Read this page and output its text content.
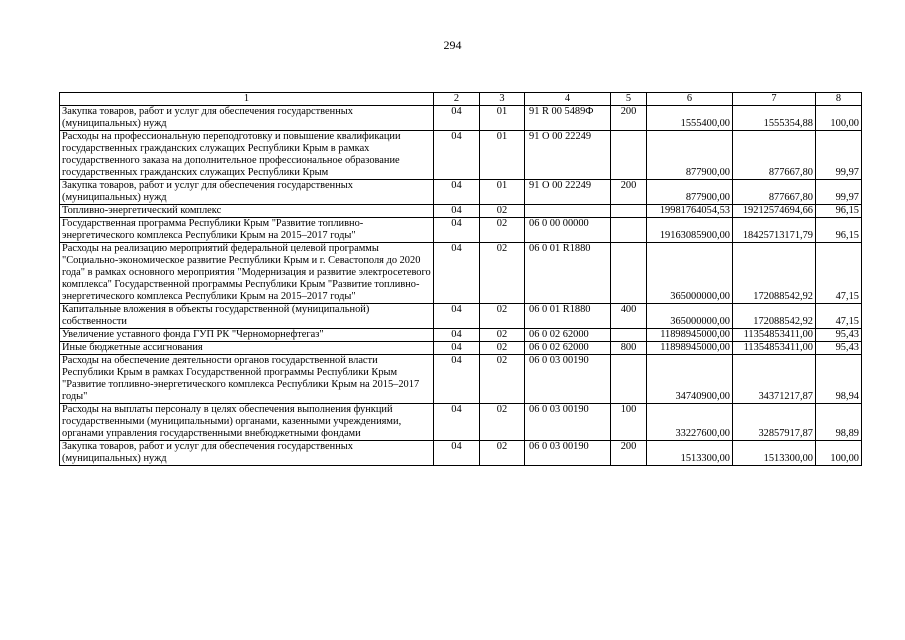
294
1	2	3	4	5	6	7	8
Закупка товаров, работ и услуг для обеспечения государственных (муниципальных) нужд	04	01	91 R 00 5489Ф	200	1555400,00	1555354,88	100,00
Расходы на профессиональную переподготовку и повышение квалификации государственных гражданских служащих Республики Крым в рамках государственного заказа на дополнительное профессиональное образование государственных гражданских служащих Республики Крым	04	01	91 О 00 22249		877900,00	877667,80	99,97
Закупка товаров, работ и услуг для обеспечения государственных (муниципальных) нужд	04	01	91 О 00 22249	200	877900,00	877667,80	99,97
Топливно-энергетический комплекс	04	02			19981764054,53	19212574694,66	96,15
Государственная программа Республики Крым "Развитие топливно-энергетического комплекса Республики Крым на 2015–2017 годы"	04	02	06 0 00 00000		19163085900,00	18425713171,79	96,15
Расходы на реализацию мероприятий федеральной целевой программы "Социально-экономическое развитие Республики Крым и г. Севастополя до 2020 года" в рамках основного мероприятия "Модернизация и развитие электросетевого комплекса" Государственной программы Республики Крым "Развитие топливно-энергетического комплекса Республики Крым на 2015–2017 годы"	04	02	06 0 01 R1880		365000000,00	172088542,92	47,15
Капитальные вложения в объекты государственной (муниципальной) собственности	04	02	06 0 01 R1880	400	365000000,00	172088542,92	47,15
Увеличение уставного фонда ГУП РК "Черноморнефтегаз"	04	02	06 0 02 62000		11898945000,00	11354853411,00	95,43
Иные бюджетные ассигнования	04	02	06 0 02 62000	800	11898945000,00	11354853411,00	95,43
Расходы на обеспечение деятельности органов государственной власти Республики Крым в рамках Государственной программы Республики Крым "Развитие топливно-энергетического комплекса Республики Крым на 2015–2017 годы"	04	02	06 0 03 00190		34740900,00	34371217,87	98,94
Расходы на выплаты персоналу в целях обеспечения выполнения функций государственными (муниципальными) органами, казенными учреждениями, органами управления государственными внебюджетными фондами	04	02	06 0 03 00190	100	33227600,00	32857917,87	98,89
Закупка товаров, работ и услуг для обеспечения государственных (муниципальных) нужд	04	02	06 0 03 00190	200	1513300,00	1513300,00	100,00
